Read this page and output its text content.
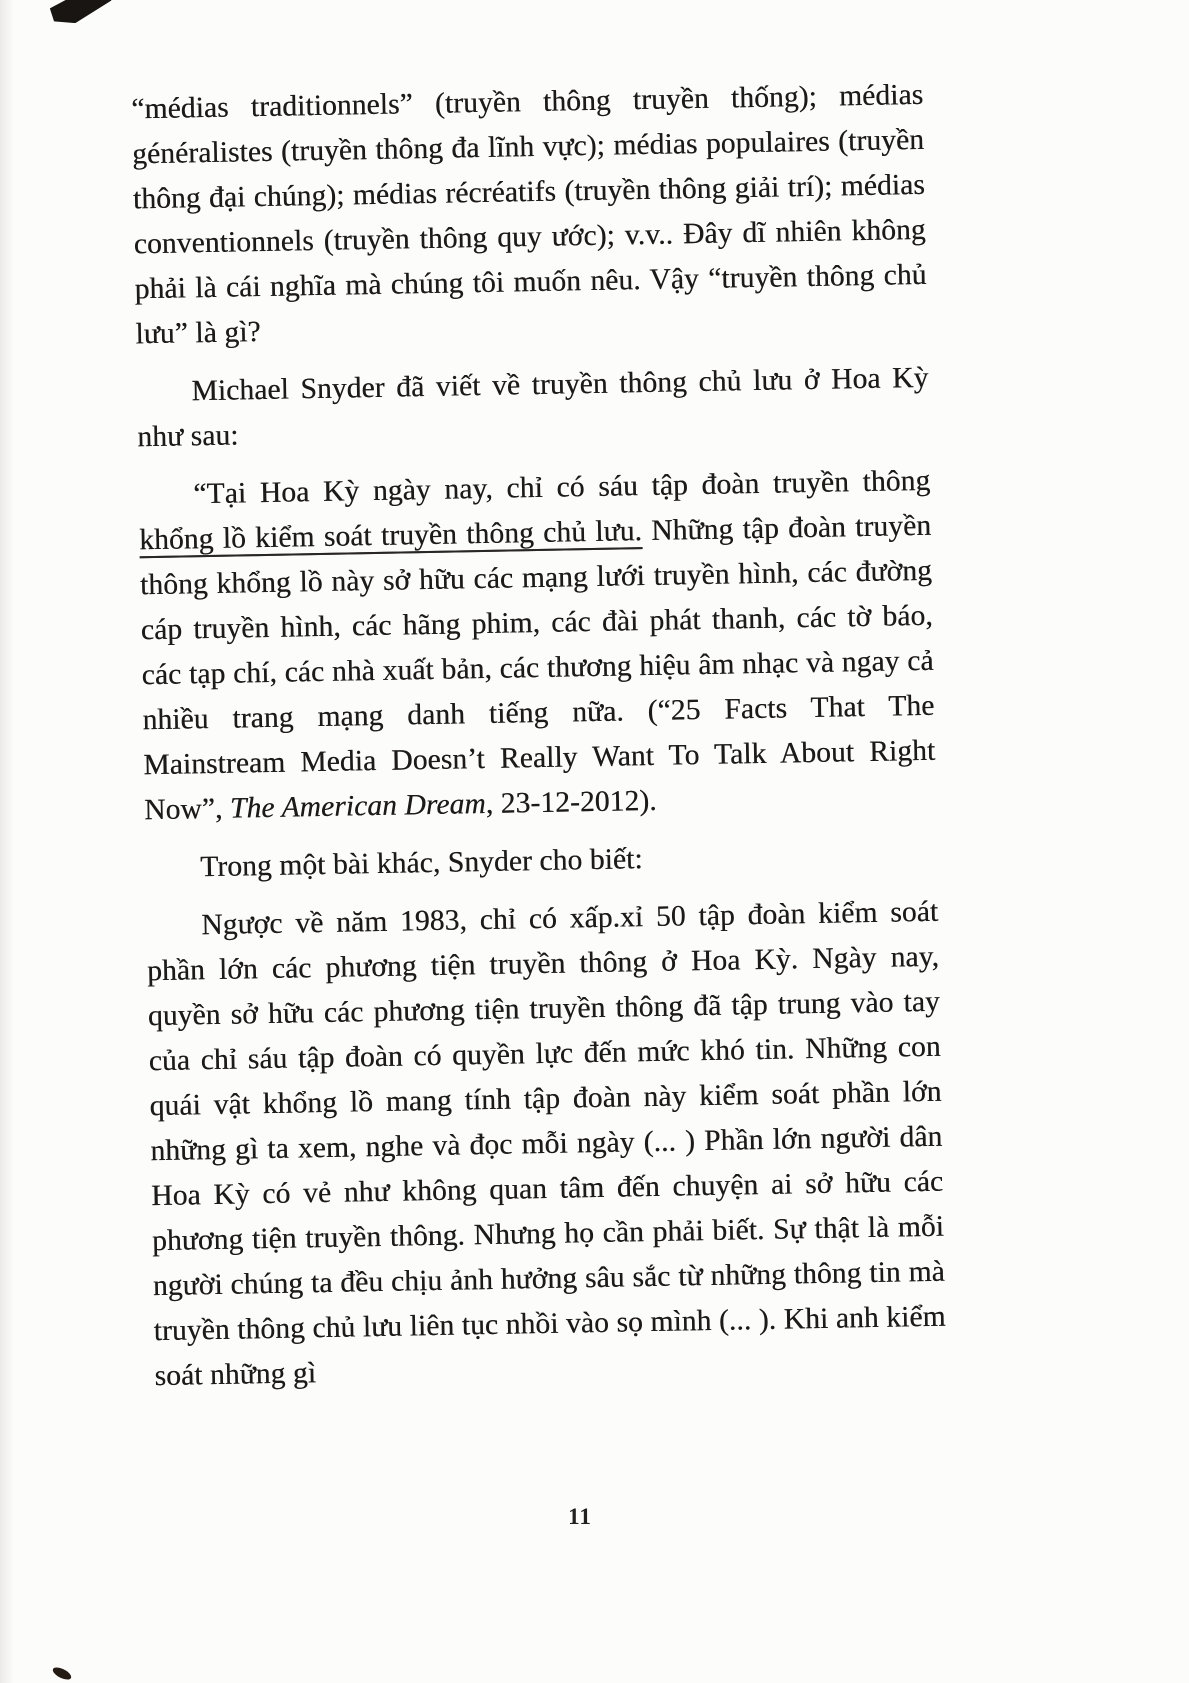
“médias traditionnels” (truyền thông truyền thống); médias généralistes (truyền thông đa lĩnh vực); médias populaires (truyền thông đại chúng); médias récréatifs (truyền thông giải trí); médias conventionnels (truyền thông quy ước); v.v.. Đây dĩ nhiên không phải là cái nghĩa mà chúng tôi muốn nêu. Vậy “truyền thông chủ lưu” là gì?

Michael Snyder đã viết về truyền thông chủ lưu ở Hoa Kỳ như sau:

“Tại Hoa Kỳ ngày nay, chỉ có sáu tập đoàn truyền thông khổng lồ kiểm soát truyền thông chủ lưu. Những tập đoàn truyền thông khổng lồ này sở hữu các mạng lưới truyền hình, các đường cáp truyền hình, các hãng phim, các đài phát thanh, các tờ báo, các tạp chí, các nhà xuất bản, các thương hiệu âm nhạc và ngay cả nhiều trang mạng danh tiếng nữa. (“25 Facts That The Mainstream Media Doesn’t Really Want To Talk About Right Now”, The American Dream, 23-12-2012).

Trong một bài khác, Snyder cho biết:

Ngược về năm 1983, chỉ có xấp.xỉ 50 tập đoàn kiểm soát phần lớn các phương tiện truyền thông ở Hoa Kỳ. Ngày nay, quyền sở hữu các phương tiện truyền thông đã tập trung vào tay của chỉ sáu tập đoàn có quyền lực đến mức khó tin. Những con quái vật khổng lồ mang tính tập đoàn này kiểm soát phần lớn những gì ta xem, nghe và đọc mỗi ngày (... ) Phần lớn người dân Hoa Kỳ có vẻ như không quan tâm đến chuyện ai sở hữu các phương tiện truyền thông. Nhưng họ cần phải biết. Sự thật là mỗi người chúng ta đều chịu ảnh hưởng sâu sắc từ những thông tin mà truyền thông chủ lưu liên tục nhồi vào sọ mình (... ). Khi anh kiểm soát những gì

11
